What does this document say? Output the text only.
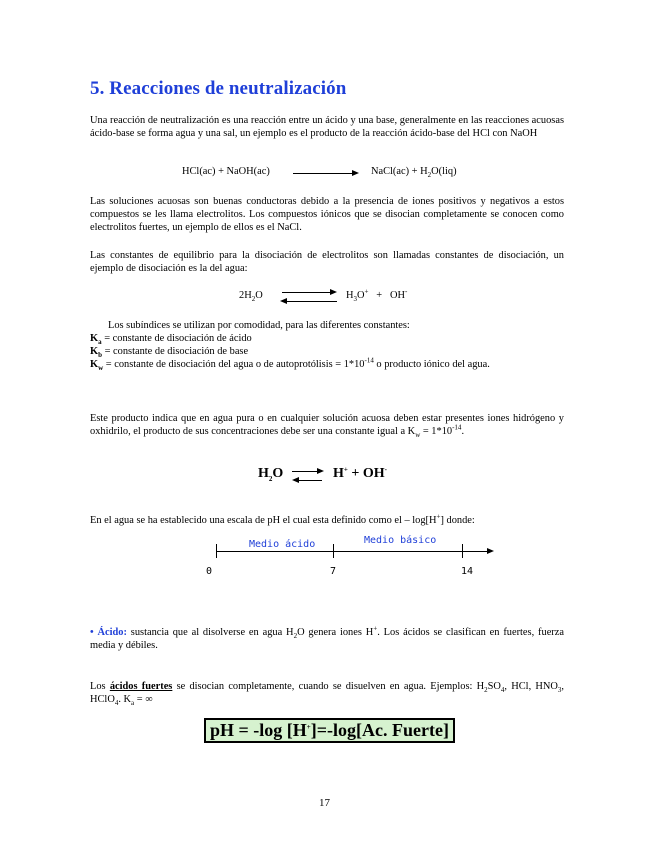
5. Reacciones de neutralización
Una reacción de neutralización es una reacción entre un ácido y una base, generalmente en las reacciones acuosas ácido-base se forma agua y una sal, un ejemplo es el producto de la reacción ácido-base del HCl con NaOH
HCl(ac) + NaOH(ac)	NaCl(ac) + $H_2O(liq)$
Las soluciones acuosas son buenas conductoras debido a la presencia de iones positivos y negativos a estos compuestos se les llama electrolitos. Los compuestos iónicos que se disocian completamente se conocen como electrolitos fuertes, un ejemplo de ellos es el NaCl.
Las constantes de equilibrio para la disociación de electrolitos son llamadas constantes de disociación, un ejemplo de disociación es la del agua:
$2H_2O$	$H_3O^+ + OH^-$
Los subíndices se utilizan por comodidad, para las diferentes constantes:
$K_a$ = constante de disociación de ácido
$K_b$ = constante de disociación de base
$K_w$ = constante de disociación del agua o de autoprotólisis = $1*10^{-14}$ o producto iónico del agua.
Este producto indica que en agua pura o en cualquier solución acuosa deben estar presentes iones hidrógeno y oxhidrilo, el producto de sus concentraciones debe ser una constante igual a $K_w = 1*10^{-14}$.
$H_2O$	H+ + OH-
En el agua se ha establecido una escala de pH el cual esta definido como el – log[H+] donde:
Medio ácido	Medio básico
0	7	14
• Ácido: sustancia que al disolverse en agua $H_2O$ genera iones H+. Los ácidos se clasifican en fuertes, fuerza media y débiles.
Los ácidos fuertes se disocian completamente, cuando se disuelven en agua. Ejemplos: $H_2SO_4$, HCl, $HNO_3$, HClO$_4$. $K_a$ = ∞
pH = -log [H+]=-log[Ac. Fuerte]
17
